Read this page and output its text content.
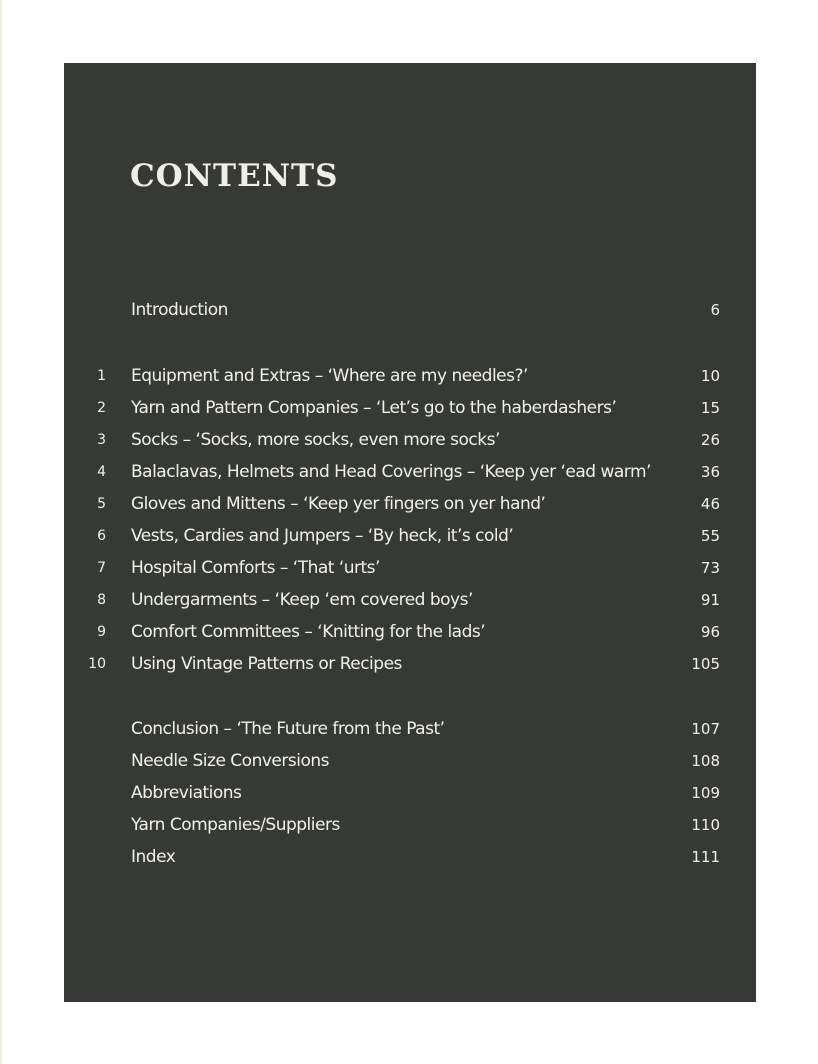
CONTENTS
Introduction	6
1 Equipment and Extras – ‘Where are my needles?’	10
2 Yarn and Pattern Companies – ‘Let’s go to the haberdashers’	15
3 Socks – ‘Socks, more socks, even more socks’	26
4 Balaclavas, Helmets and Head Coverings – ‘Keep yer ‘ead warm’	36
5 Gloves and Mittens – ‘Keep yer fingers on yer hand’	46
6 Vests, Cardies and Jumpers – ‘By heck, it’s cold’	55
7 Hospital Comforts – ‘That ‘urts’	73
8 Undergarments – ‘Keep ‘em covered boys’	91
9 Comfort Committees – ‘Knitting for the lads’	96
10 Using Vintage Patterns or Recipes	105
Conclusion – ‘The Future from the Past’	107
Needle Size Conversions	108
Abbreviations	109
Yarn Companies/Suppliers	110
Index	111
